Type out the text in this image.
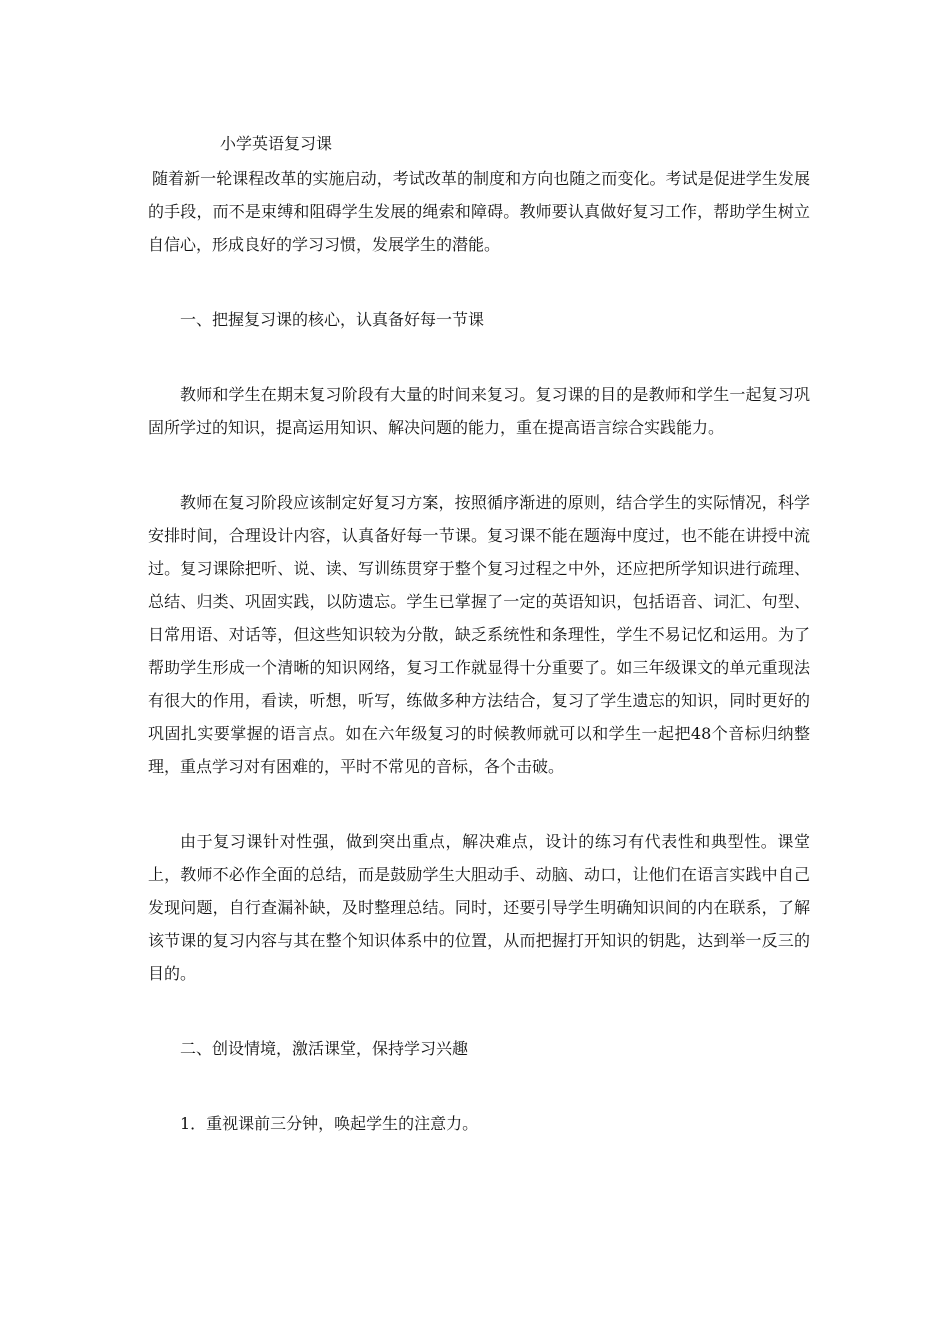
小学英语复习课

随着新一轮课程改革的实施启动，考试改革的制度和方向也随之而变化。考试是促进学生发展的手段，而不是束缚和阻碍学生发展的绳索和障碍。教师要认真做好复习工作，帮助学生树立自信心，形成良好的学习习惯，发展学生的潜能。

一、把握复习课的核心，认真备好每一节课

教师和学生在期末复习阶段有大量的时间来复习。复习课的目的是教师和学生一起复习巩固所学过的知识，提高运用知识、解决问题的能力，重在提高语言综合实践能力。

教师在复习阶段应该制定好复习方案，按照循序渐进的原则，结合学生的实际情况，科学安排时间，合理设计内容，认真备好每一节课。复习课不能在题海中度过，也不能在讲授中流过。复习课除把听、说、读、写训练贯穿于整个复习过程之中外，还应把所学知识进行疏理、总结、归类、巩固实践，以防遗忘。学生已掌握了一定的英语知识，包括语音、词汇、句型、日常用语、对话等，但这些知识较为分散，缺乏系统性和条理性，学生不易记忆和运用。为了帮助学生形成一个清晰的知识网络，复习工作就显得十分重要了。如三年级课文的单元重现法有很大的作用，看读，听想，听写，练做多种方法结合，复习了学生遗忘的知识，同时更好的巩固扎实要掌握的语言点。如在六年级复习的时候教师就可以和学生一起把48个音标归纳整理，重点学习对有困难的，平时不常见的音标，各个击破。

由于复习课针对性强，做到突出重点，解决难点，设计的练习有代表性和典型性。课堂上，教师不必作全面的总结，而是鼓励学生大胆动手、动脑、动口，让他们在语言实践中自己发现问题，自行查漏补缺，及时整理总结。同时，还要引导学生明确知识间的内在联系，了解该节课的复习内容与其在整个知识体系中的位置，从而把握打开知识的钥匙，达到举一反三的目的。

二、创设情境，激活课堂，保持学习兴趣

1．重视课前三分钟，唤起学生的注意力。
